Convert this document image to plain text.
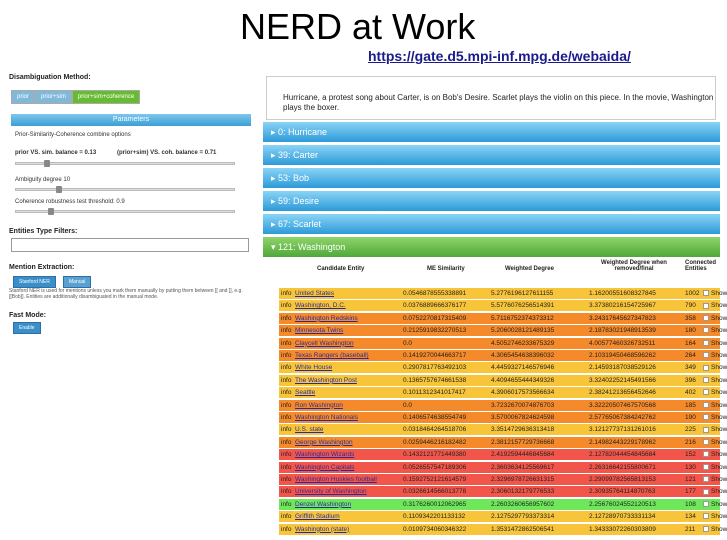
NERD at Work
https://gate.d5.mpi-inf.mpg.de/webaida/
Disambiguation Method:
prior	prior+sim	prior+sim+coherence
Parameters
Prior-Similarity-Coherence combine options
prior VS. sim. balance = 0.13	(prior+sim) VS. coh. balance = 0.71
Ambiguity degree 10
Coherence robustness test threshold: 0.9
Entities Type Filters:
Mention Extraction:
Stanford NER	Manual
Stanford NER is used for mentions unless you mark them manually by putting them between [[ and ]], e.g. [[Bob]]. Entities are additionally disambiguated in the manual mode.
Fast Mode:
Enable
Hurricane, a protest song about Carter, is on Bob's Desire. Scarlet plays the violin on this piece. In the movie, Washington plays the boxer.
▸ 0: Hurricane
▸ 39: Carter
▸ 53: Bob
▸ 59: Desire
▸ 67: Scarlet
▾ 121: Washington
Candidate Entity	ME Similarity	Weighted Degree
Weighted Degree when removed/final
Connected Entities
info United States	0.0546878555338891	5.2776196127611155	1.16200551608327845	1002 Show
info Washington, D.C.	0.0376889666376177	5.5776076256514391	3.37380216154725967	790 Show
info Washington Redskins	0.0752270817315409	5.7116752374373312	3.24317645627347823	358 Show
info Minnesota Twins	0.2125919832270513	5.2060028121489135	2.18783021948913539	180 Show
info Claycell Washington	0.0	4.5052746233675329	4.00577460326732511	164 Show
info Texas Rangers (baseball)	0.1419270044663717	4.3065454638396032	2.10319450468596262	264 Show
info White House	0.2907817763492103	4.4459327146576946	2.14593187038529126	349 Show
info The Washington Post	0.1365757674661538	4.4094655444349326	3.32402252145491566	396 Show
info Seattle	0.1011312341017417	4.3906017573566634	2.38241213656452646	402 Show
info Ron Washington	0.0	3.7232670074876703	3.32220507467570568	185 Show
info Washington Nationals	0.1406574638554749	3.5700067824624598	2.57765067384242762	190 Show
info U.S. state	0.0318464264518706	3.3514729636313418	3.12127737131261016	225 Show
info George Washington	0.0259446216182482	2.3812157729736668	2.14982443229178962	216 Show
info Washington Wizards	0.1432121771449380	2.4192594446845684	2.12782044454845684	152 Show
info Washington Capitals	0.0526557547189306	2.3603634125569617	2.26316642155800671	130 Show
info Washington Huskies football	0.1592752121614579	2.3296978726631315	2.29099782565813153	121 Show
info University of Washington	0.0326614566013778	2.3060132179776533	2.30935764114870763	177 Show
info Denzel Washington	0.3176260012062965	2.2603260656957602	2.25676024552120513	108 Show
info Griffith Stadium	0.1109342201133132	2.1275297793373314	2.12728970733331134	134 Show
info Washington (state)	0.0109734060346322	1.3531472862506541	1.34333072260303809	211 Show
